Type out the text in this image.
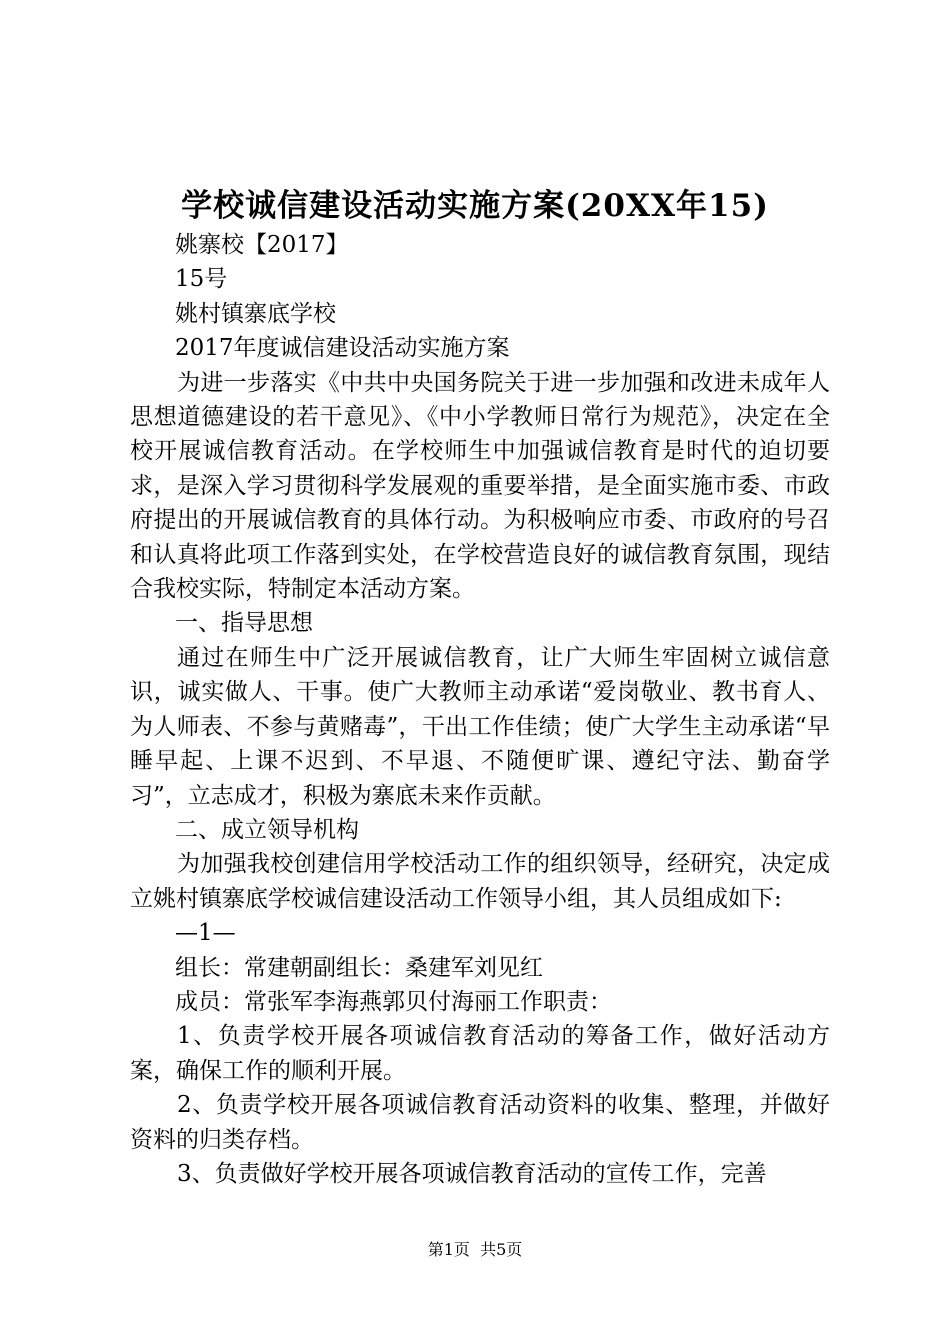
学校诚信建设活动实施方案(20XX年15)

姚寨校【2017】

15号

姚村镇寨底学校

2017年度诚信建设活动实施方案

为进一步落实《中共中央国务院关于进一步加强和改进未成年人思想道德建设的若干意见》、《中小学教师日常行为规范》，决定在全校开展诚信教育活动。在学校师生中加强诚信教育是时代的迫切要求，是深入学习贯彻科学发展观的重要举措，是全面实施市委、市政府提出的开展诚信教育的具体行动。为积极响应市委、市政府的号召和认真将此项工作落到实处，在学校营造良好的诚信教育氛围，现结合我校实际，特制定本活动方案。

一、指导思想

通过在师生中广泛开展诚信教育，让广大师生牢固树立诚信意识，诚实做人、干事。使广大教师主动承诺“爱岗敬业、教书育人、为人师表、不参与黄赌毒”，干出工作佳绩；使广大学生主动承诺“早睡早起、上课不迟到、不早退、不随便旷课、遵纪守法、勤奋学习”，立志成才，积极为寨底未来作贡献。

二、成立领导机构

为加强我校创建信用学校活动工作的组织领导，经研究，决定成立姚村镇寨底学校诚信建设活动工作领导小组，其人员组成如下:

—1—

组长：常建朝副组长：桑建军刘见红

成员：常张军李海燕郭贝付海丽工作职责：

1、负责学校开展各项诚信教育活动的筹备工作，做好活动方案，确保工作的顺利开展。

2、负责学校开展各项诚信教育活动资料的收集、整理，并做好资料的归类存档。

3、负责做好学校开展各项诚信教育活动的宣传工作，完善

第1页  共5页
